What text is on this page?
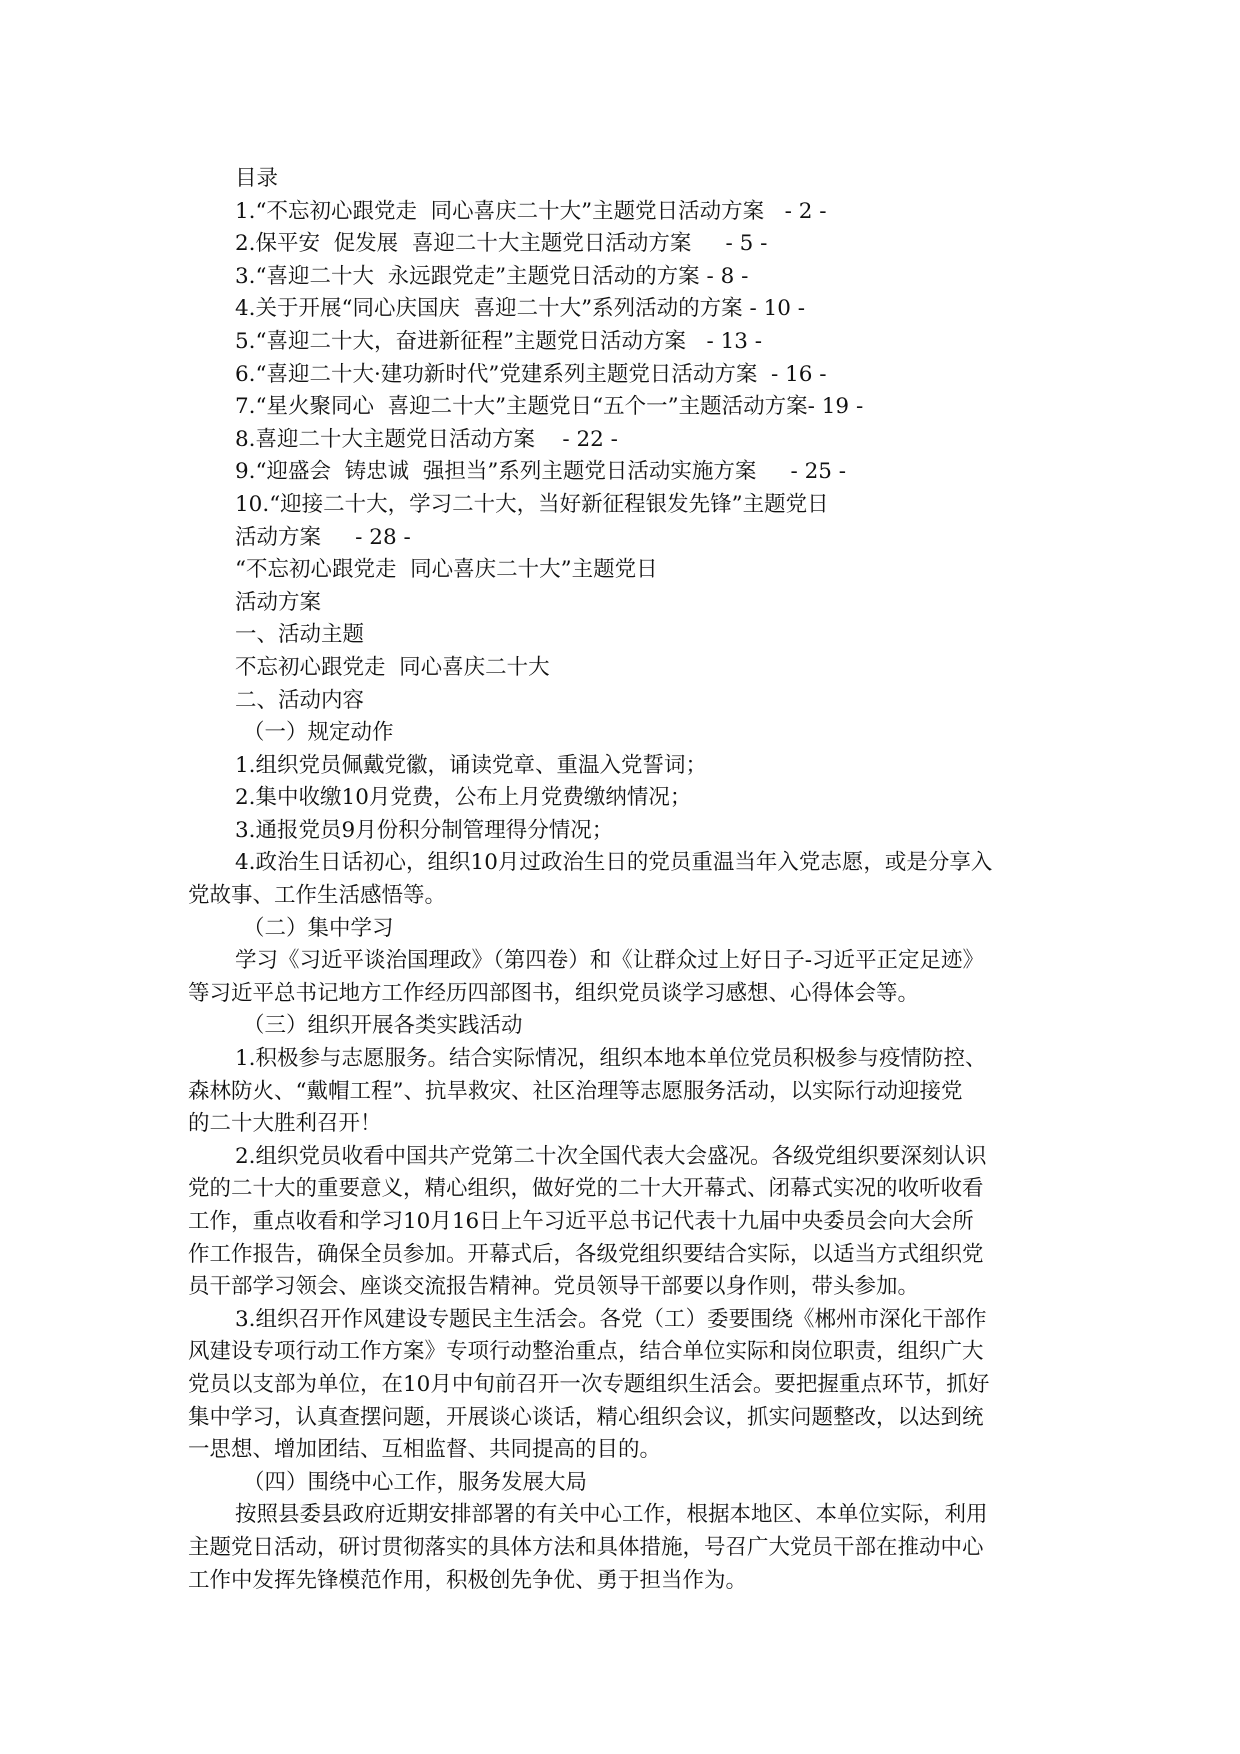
目录
1.“不忘初心跟党走  同心喜庆二十大”主题党日活动方案   - 2 -
2.保平安  促发展  喜迎二十大主题党日活动方案     - 5 -
3.“喜迎二十大  永远跟党走”主题党日活动的方案 - 8 -
4.关于开展“同心庆国庆  喜迎二十大”系列活动的方案 - 10 -
5.“喜迎二十大，奋进新征程”主题党日活动方案   - 13 -
6.“喜迎二十大·建功新时代”党建系列主题党日活动方案  - 16 -
7.“星火聚同心  喜迎二十大”主题党日“五个一”主题活动方案- 19 -
8.喜迎二十大主题党日活动方案    - 22 -
9.“迎盛会  铸忠诚  强担当”系列主题党日活动实施方案     - 25 -
10.“迎接二十大，学习二十大，当好新征程银发先锋”主题党日
活动方案     - 28 -
“不忘初心跟党走  同心喜庆二十大”主题党日
活动方案
一、活动主题
不忘初心跟党走  同心喜庆二十大
二、活动内容
（一）规定动作
1.组织党员佩戴党徽，诵读党章、重温入党誓词；
2.集中收缴10月党费，公布上月党费缴纳情况；
3.通报党员9月份积分制管理得分情况；
4.政治生日话初心，组织10月过政治生日的党员重温当年入党志愿，或是分享入
党故事、工作生活感悟等。
（二）集中学习
学习《习近平谈治国理政》（第四卷）和《让群众过上好日子-习近平正定足迹》
等习近平总书记地方工作经历四部图书，组织党员谈学习感想、心得体会等。
（三）组织开展各类实践活动
1.积极参与志愿服务。结合实际情况，组织本地本单位党员积极参与疫情防控、
森林防火、“戴帽工程”、抗旱救灾、社区治理等志愿服务活动，以实际行动迎接党
的二十大胜利召开！
2.组织党员收看中国共产党第二十次全国代表大会盛况。各级党组织要深刻认识
党的二十大的重要意义，精心组织，做好党的二十大开幕式、闭幕式实况的收听收看
工作，重点收看和学习10月16日上午习近平总书记代表十九届中央委员会向大会所
作工作报告，确保全员参加。开幕式后，各级党组织要结合实际，以适当方式组织党
员干部学习领会、座谈交流报告精神。党员领导干部要以身作则，带头参加。
3.组织召开作风建设专题民主生活会。各党（工）委要围绕《郴州市深化干部作
风建设专项行动工作方案》专项行动整治重点，结合单位实际和岗位职责，组织广大
党员以支部为单位，在10月中旬前召开一次专题组织生活会。要把握重点环节，抓好
集中学习，认真查摆问题，开展谈心谈话，精心组织会议，抓实问题整改，以达到统
一思想、增加团结、互相监督、共同提高的目的。
（四）围绕中心工作，服务发展大局
按照县委县政府近期安排部署的有关中心工作，根据本地区、本单位实际，利用
主题党日活动，研讨贯彻落实的具体方法和具体措施，号召广大党员干部在推动中心
工作中发挥先锋模范作用，积极创先争优、勇于担当作为。
